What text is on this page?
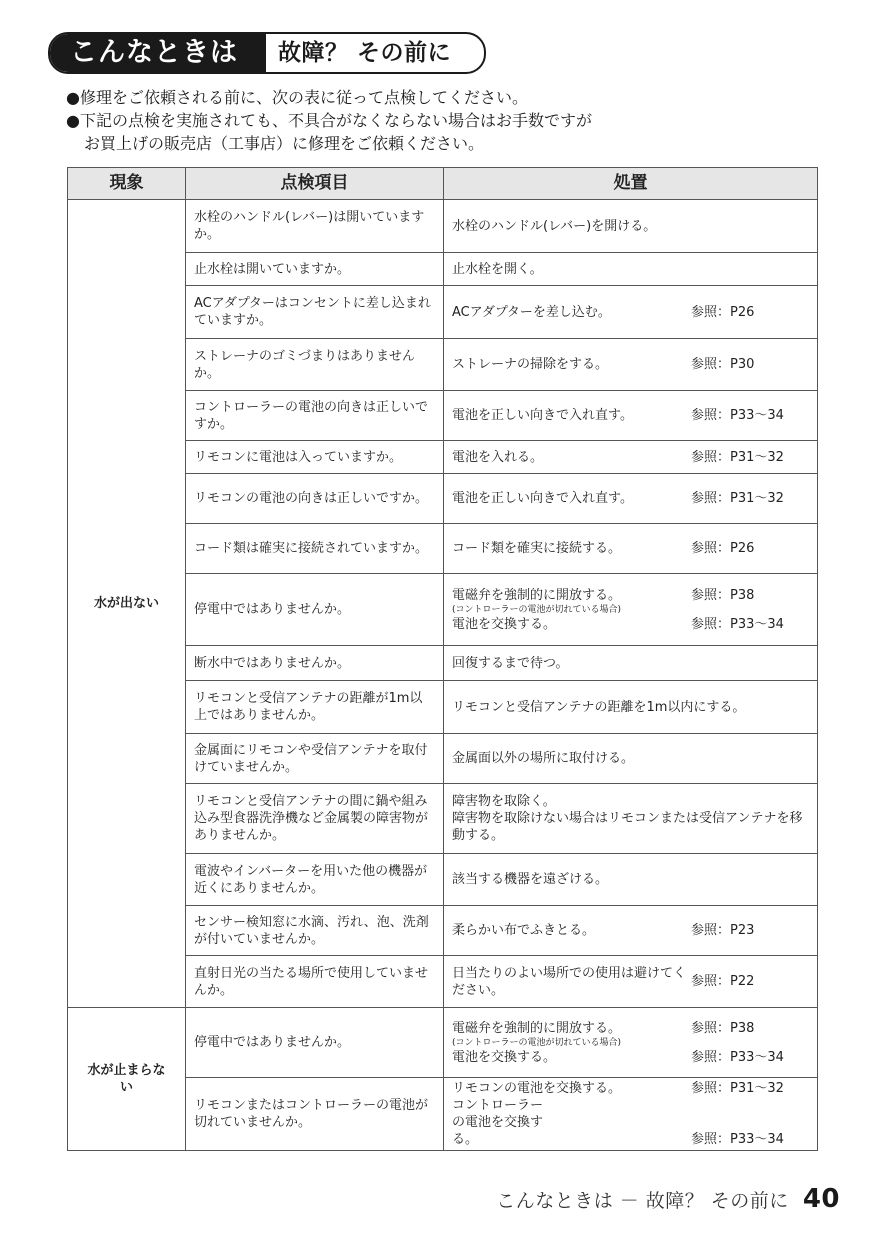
こんなときは	故障？ その前に
●修理をご依頼される前に、次の表に従って点検してください。
●下記の点検を実施されても、不具合がなくならない場合はお手数ですが
お買上げの販売店（工事店）に修理をご依頼ください。
現象	点検項目	処置
水が出ない	水栓のハンドル(レバー)は開いていますか。	水栓のハンドル(レバー)を開ける。

	止水栓は開いていますか。	止水栓を開く。

	ACアダプターはコンセントに差し込まれていますか。	ACアダプターを差し込む。 参照：P26

	ストレーナのゴミづまりはありませんか。	ストレーナの掃除をする。 参照：P30

	コントローラーの電池の向きは正しいですか。	電池を正しい向きで入れ直す。 参照：P33～34

	リモコンに電池は入っていますか。	電池を入れる。 参照：P31～32

	リモコンの電池の向きは正しいですか。	電池を正しい向きで入れ直す。 参照：P31～32

	コード類は確実に接続されていますか。	コード類を確実に接続する。 参照：P26

	停電中ではありませんか。	電磁弁を強制的に開放する。 参照：P38
(コントローラーの電池が切れている場合)
電池を交換する。 参照：P33～34

	断水中ではありませんか。	回復するまで待つ。

	リモコンと受信アンテナの距離が1m以上ではありませんか。	リモコンと受信アンテナの距離を1m以内にする。

	金属面にリモコンや受信アンテナを取付けていませんか。	金属面以外の場所に取付ける。

	リモコンと受信アンテナの間に鍋や組み込み型食器洗浄機など金属製の障害物がありませんか。	障害物を取除く。
障害物を取除けない場合はリモコンまたは受信アンテナを移動する。

	電波やインバーターを用いた他の機器が近くにありませんか。	該当する機器を遠ざける。

	センサー検知窓に水滴、汚れ、泡、洗剤が付いていませんか。	柔らかい布でふきとる。 参照：P23

	直射日光の当たる場所で使用していませんか。	日当たりのよい場所での使用は避けてください。
参照：P22

水が止まらない	停電中ではありませんか。	電磁弁を強制的に開放する。 参照：P38
(コントローラーの電池が切れている場合)
電池を交換する。 参照：P33～34

	リモコンまたはコントローラーの電池が切れていませんか。	リモコンの電池を交換する。 参照：P31～32
コントローラーの電池を交換する。 参照：P33～34
こんなときは － 故障？ その前に 40
